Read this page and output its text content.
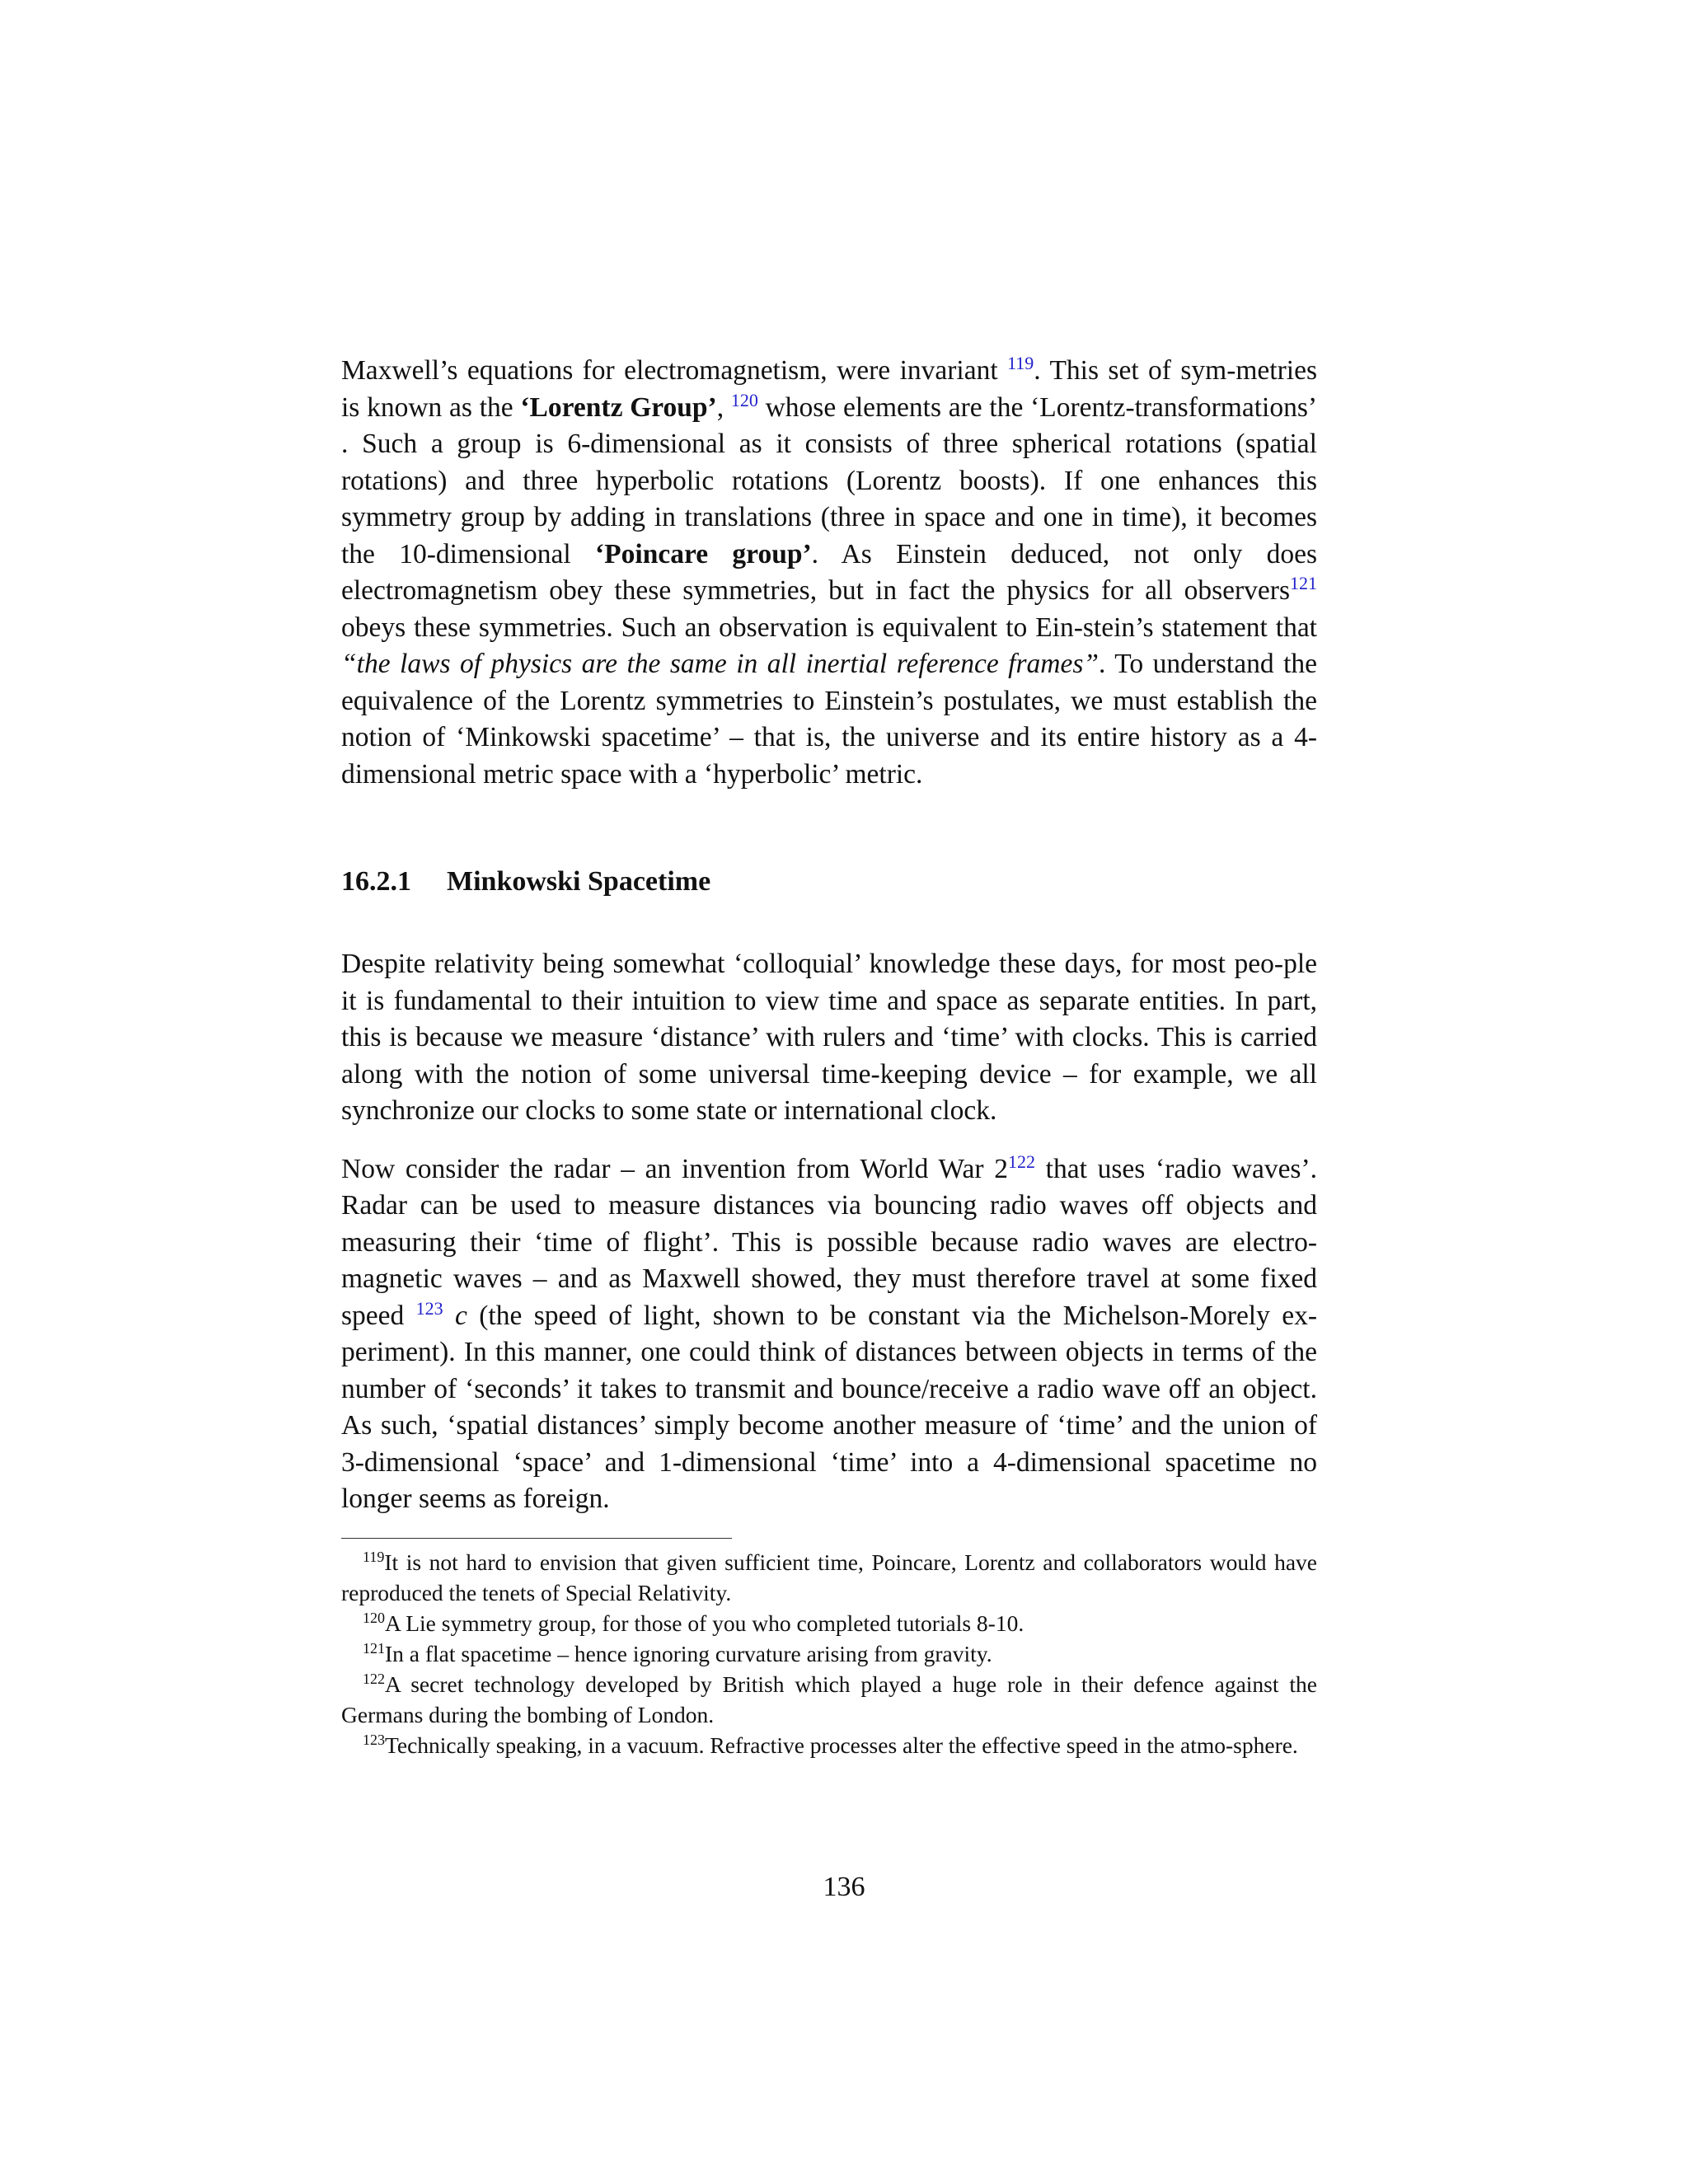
Maxwell’s equations for electromagnetism, were invariant $^{119}$. This set of sym-metries is known as the ‘Lorentz Group’, $^{120}$ whose elements are the ‘Lorentz-transformations’ . Such a group is 6-dimensional as it consists of three spherical rotations (spatial rotations) and three hyperbolic rotations (Lorentz boosts). If one enhances this symmetry group by adding in translations (three in space and one in time), it becomes the 10-dimensional ‘Poincare group’. As Einstein deduced, not only does electromagnetism obey these symmetries, but in fact the physics for all observers$^{121}$ obeys these symmetries. Such an observation is equivalent to Ein-stein’s statement that “the laws of physics are the same in all inertial reference frames”. To understand the equivalence of the Lorentz symmetries to Einstein’s postulates, we must establish the notion of ‘Minkowski spacetime’ – that is, the universe and its entire history as a 4-dimensional metric space with a ‘hyperbolic’ metric.

16.2.1 Minkowski Spacetime

Despite relativity being somewhat ‘colloquial’ knowledge these days, for most peo-ple it is fundamental to their intuition to view time and space as separate entities. In part, this is because we measure ‘distance’ with rulers and ‘time’ with clocks. This is carried along with the notion of some universal time-keeping device – for example, we all synchronize our clocks to some state or international clock.

Now consider the radar – an invention from World War 2$^{122}$ that uses ‘radio waves’. Radar can be used to measure distances via bouncing radio waves off objects and measuring their ‘time of flight’. This is possible because radio waves are electro-magnetic waves – and as Maxwell showed, they must therefore travel at some fixed speed $^{123}$ c (the speed of light, shown to be constant via the Michelson-Morely ex-periment). In this manner, one could think of distances between objects in terms of the number of ‘seconds’ it takes to transmit and bounce/receive a radio wave off an object. As such, ‘spatial distances’ simply become another measure of ‘time’ and the union of 3-dimensional ‘space’ and 1-dimensional ‘time’ into a 4-dimensional spacetime no longer seems as foreign.

$^{119}$It is not hard to envision that given sufficient time, Poincare, Lorentz and collaborators would have reproduced the tenets of Special Relativity.

$^{120}$A Lie symmetry group, for those of you who completed tutorials 8-10.

$^{121}$In a flat spacetime – hence ignoring curvature arising from gravity.

$^{122}$A secret technology developed by British which played a huge role in their defence against the Germans during the bombing of London.

$^{123}$Technically speaking, in a vacuum. Refractive processes alter the effective speed in the atmo-sphere.

136
